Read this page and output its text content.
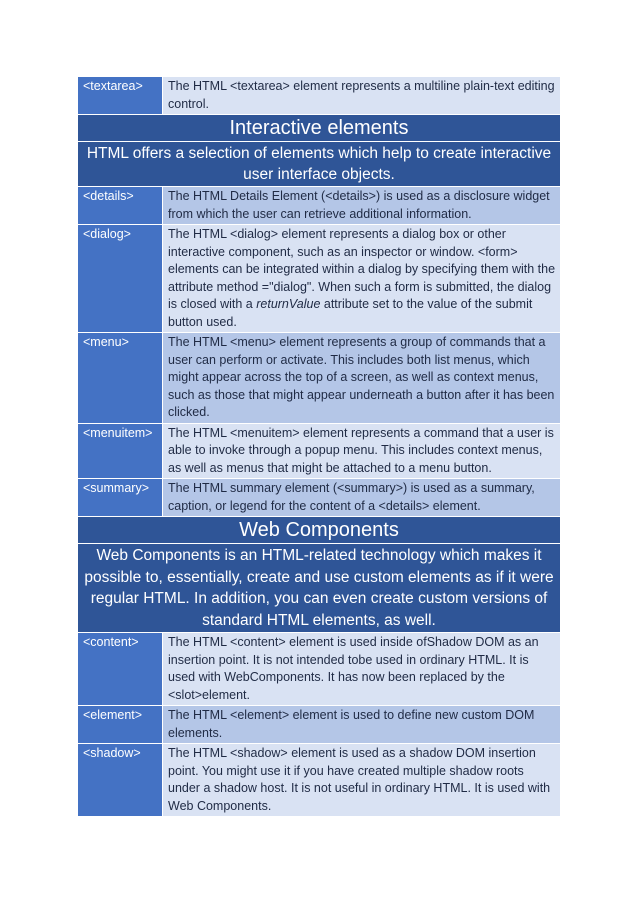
<textarea>	The HTML <textarea> element represents a multiline plain-text editing control.
Interactive elements
HTML offers a selection of elements which help to create interactive user interface objects.
<details>	The HTML Details Element (<details>) is used as a disclosure widget from which the user can retrieve additional information.
<dialog>	The HTML <dialog> element represents a dialog box or other interactive component, such as an inspector or window. <form> elements can be integrated within a dialog by specifying them with the attribute method ="dialog". When such a form is submitted, the dialog is closed with a returnValue attribute set to the value of the submit button used.
<menu>	The HTML <menu> element represents a group of commands that a user can perform or activate. This includes both list menus, which might appear across the top of a screen, as well as context menus, such as those that might appear underneath a button after it has been clicked.
<menuitem>	The HTML <menuitem> element represents a command that a user is able to invoke through a popup menu. This includes context menus, as well as menus that might be attached to a menu button.
<summary>	The HTML summary element (<summary>) is used as a summary, caption, or legend for the content of a <details> element.
Web Components
Web Components is an HTML-related technology which makes it possible to, essentially, create and use custom elements as if it were regular HTML. In addition, you can even create custom versions of standard HTML elements, as well.
<content>	The HTML <content> element is used inside ofShadow DOM as an insertion point. It is not intended tobe used in ordinary HTML. It is used with WebComponents. It has now been replaced by the <slot>element.
<element>	The HTML <element> element is used to define new custom DOM elements.
<shadow>	The HTML <shadow> element is used as a shadow DOM insertion point. You might use it if you have created multiple shadow roots under a shadow host. It is not useful in ordinary HTML. It is used with Web Components.
